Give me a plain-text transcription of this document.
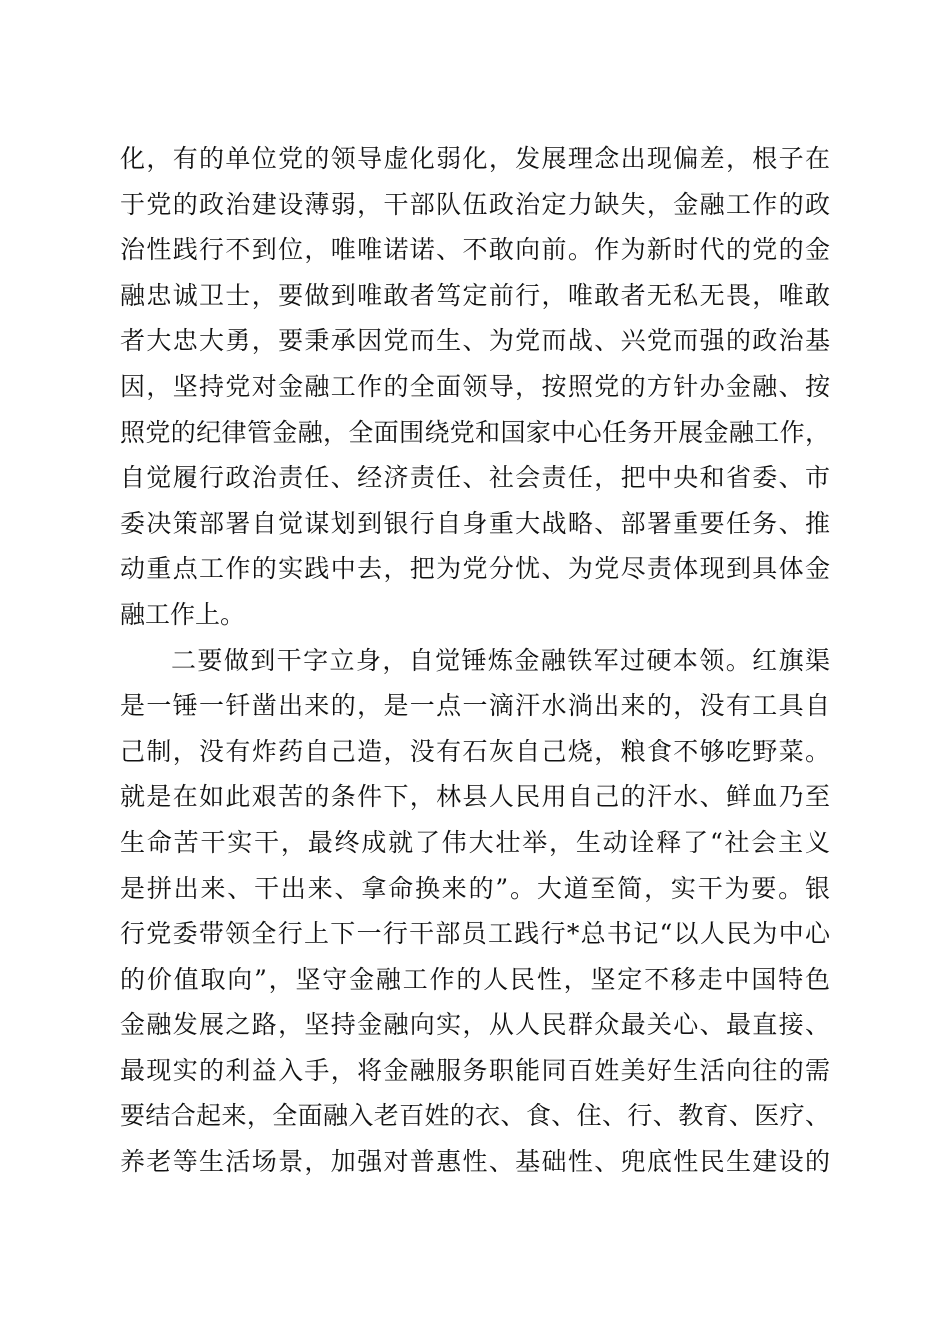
化，有的单位党的领导虚化弱化，发展理念出现偏差，根子在
于党的政治建设薄弱，干部队伍政治定力缺失，金融工作的政
治性践行不到位，唯唯诺诺、不敢向前。作为新时代的党的金
融忠诚卫士，要做到唯敢者笃定前行，唯敢者无私无畏，唯敢
者大忠大勇，要秉承因党而生、为党而战、兴党而强的政治基
因，坚持党对金融工作的全面领导，按照党的方针办金融、按
照党的纪律管金融，全面围绕党和国家中心任务开展金融工作，
自觉履行政治责任、经济责任、社会责任，把中央和省委、市
委决策部署自觉谋划到银行自身重大战略、部署重要任务、推
动重点工作的实践中去，把为党分忧、为党尽责体现到具体金
融工作上。
二要做到干字立身，自觉锤炼金融铁军过硬本领。红旗渠
是一锤一钎凿出来的，是一点一滴汗水淌出来的，没有工具自
己制，没有炸药自己造，没有石灰自己烧，粮食不够吃野菜。
就是在如此艰苦的条件下，林县人民用自己的汗水、鲜血乃至
生命苦干实干，最终成就了伟大壮举，生动诠释了“社会主义
是拼出来、干出来、拿命换来的”。大道至简，实干为要。银
行党委带领全行上下一行干部员工践行*总书记“以人民为中心
的价值取向”，坚守金融工作的人民性，坚定不移走中国特色
金融发展之路，坚持金融向实，从人民群众最关心、最直接、
最现实的利益入手，将金融服务职能同百姓美好生活向往的需
要结合起来，全面融入老百姓的衣、食、住、行、教育、医疗、
养老等生活场景，加强对普惠性、基础性、兜底性民生建设的
